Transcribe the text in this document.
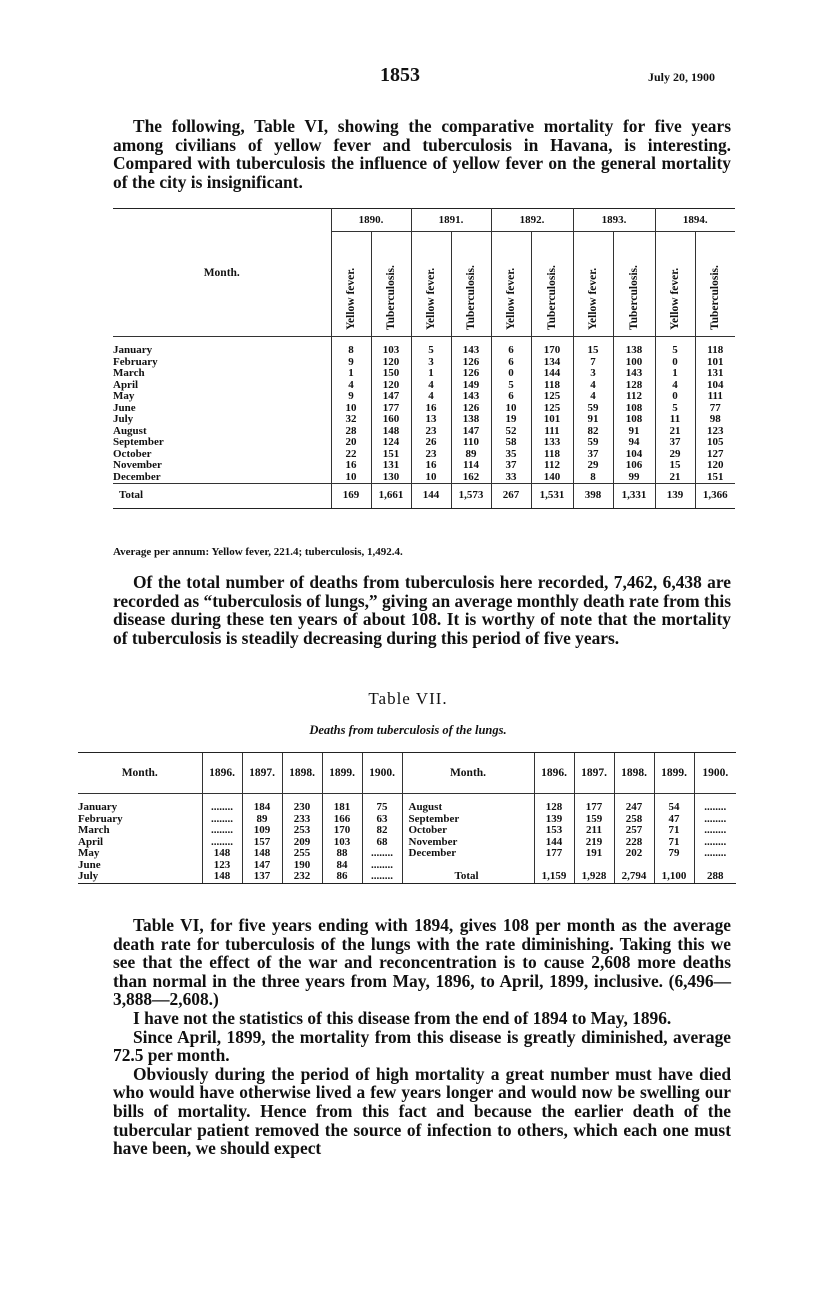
1853	July 20, 1900

The following, Table VI, showing the comparative mortality for five years among civilians of yellow fever and tuberculosis in Havana, is interesting. Compared with tuberculosis the influence of yellow fever on the general mortality of the city is insignificant.

Month.	1890.		1891.		1892.		1893.		1894.	

	Yellow fever.	Tuberculosis.	Yellow fever.	Tuberculosis.	Yellow fever.	Tuberculosis.	Yellow fever.	Tuberculosis.	Yellow fever.	Tuberculosis.

January	8	103	5	143	6	170	15	138	5	118
February	9	120	3	126	6	134	7	100	0	101
March	1	150	1	126	0	144	3	143	1	131
April	4	120	4	149	5	118	4	128	4	104
May	9	147	4	143	6	125	4	112	0	111
June	10	177	16	126	10	125	59	108	5	77
July	32	160	13	138	19	101	91	108	11	98
August	28	148	23	147	52	111	82	91	21	123
September	20	124	26	110	58	133	59	94	37	105
October	22	151	23	89	35	118	37	104	29	127
November	16	131	16	114	37	112	29	106	15	120
December	10	130	10	162	33	140	8	99	21	151
Total	169	1,661	144	1,573	267	1,531	398	1,331	139	1,366
Average per annum: Yellow fever, 221.4; tuberculosis, 1,492.4.

Of the total number of deaths from tuberculosis here recorded, 7,462, 6,438 are recorded as “tuberculosis of lungs,” giving an average monthly death rate from this disease during these ten years of about 108. It is worthy of note that the mortality of tuberculosis is steadily decreasing during this period of five years.

Table VII.
Deaths from tuberculosis of the lungs.
Month.	1896.	1897.	1898.	1899.	1900.	Month.	1896.	1897.	1898.	1899.	1900.
January	........	184	230	181	75	August	128	177	247	54	........
February	........	89	233	166	63	September	139	159	258	47	........
March	........	109	253	170	82	October	153	211	257	71	........
April	........	157	209	103	68	November	144	219	228	71	........
May	148	148	255	88	........	December	177	191	202	79	........
June	123	147	190	84	........						
July	148	137	232	86	........	Total	1,159	1,928	2,794	1,100	288

Table VI, for five years ending with 1894, gives 108 per month as the average death rate for tuberculosis of the lungs with the rate diminishing. Taking this we see that the effect of the war and reconcentration is to cause 2,608 more deaths than normal in the three years from May, 1896, to April, 1899, inclusive. (6,496—3,888—2,608.)

I have not the statistics of this disease from the end of 1894 to May, 1896.

Since April, 1899, the mortality from this disease is greatly diminished, average 72.5 per month.

Obviously during the period of high mortality a great number must have died who would have otherwise lived a few years longer and would now be swelling our bills of mortality. Hence from this fact and because the earlier death of the tubercular patient removed the source of infection to others, which each one must have been, we should expect
